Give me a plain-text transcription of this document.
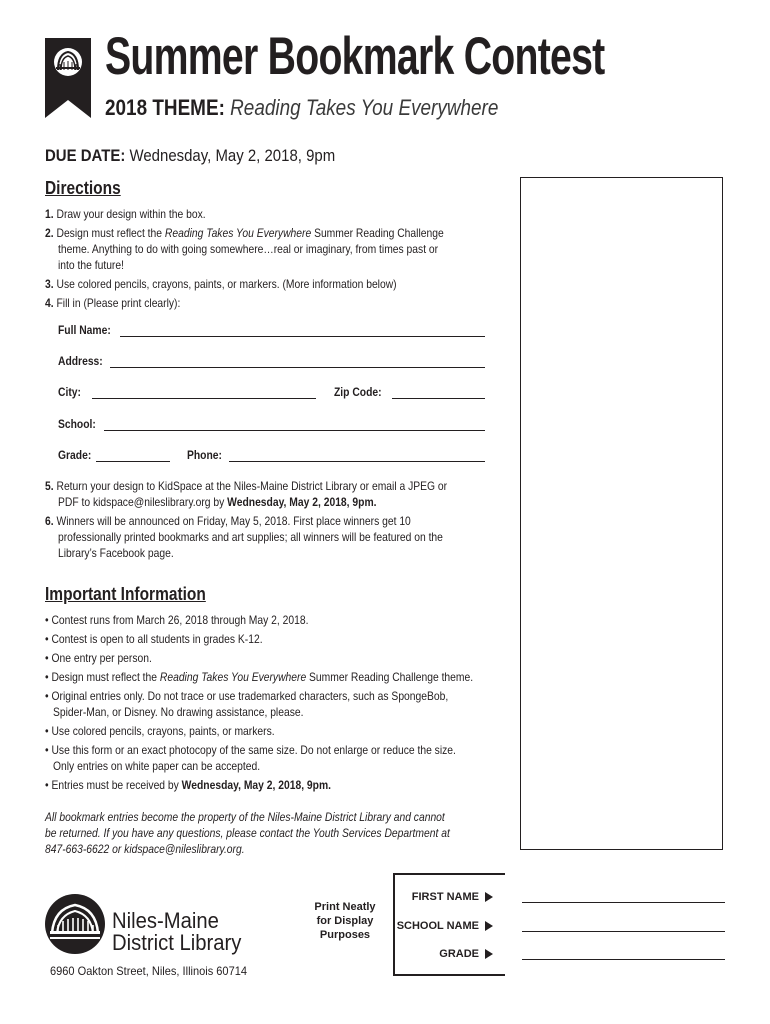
Summer Bookmark Contest
2018 THEME: Reading Takes You Everywhere
DUE DATE: Wednesday, May 2, 2018, 9pm
Directions
1. Draw your design within the box.
2. Design must reflect the Reading Takes You Everywhere Summer Reading Challenge
theme. Anything to do with going somewhere…real or imaginary, from times past or
into the future!
3. Use colored pencils, crayons, paints, or markers. (More information below)
4. Fill in (Please print clearly):
Full Name:
Address:
City:	Zip Code:
School:
Grade:	Phone:
5. Return your design to KidSpace at the Niles-Maine District Library or email a JPEG or
PDF to kidspace@nileslibrary.org by Wednesday, May 2, 2018, 9pm.
6. Winners will be announced on Friday, May 5, 2018. First place winners get 10
professionally printed bookmarks and art supplies; all winners will be featured on the
Library’s Facebook page.
Important Information
• Contest runs from March 26, 2018 through May 2, 2018.
• Contest is open to all students in grades K-12.
• One entry per person.
• Design must reflect the Reading Takes You Everywhere Summer Reading Challenge theme.
• Original entries only. Do not trace or use trademarked characters, such as SpongeBob,
Spider-Man, or Disney. No drawing assistance, please.
• Use colored pencils, crayons, paints, or markers.
• Use this form or an exact photocopy of the same size. Do not enlarge or reduce the size.
Only entries on white paper can be accepted.
• Entries must be received by Wednesday, May 2, 2018, 9pm.
All bookmark entries become the property of the Niles-Maine District Library and cannot
be returned. If you have any questions, please contact the Youth Services Department at
847-663-6622 or kidspace@nileslibrary.org.
Niles-Maine
District Library
6960 Oakton Street, Niles, Illinois 60714
Print Neatly
for Display
Purposes
FIRST NAME
SCHOOL NAME
GRADE
